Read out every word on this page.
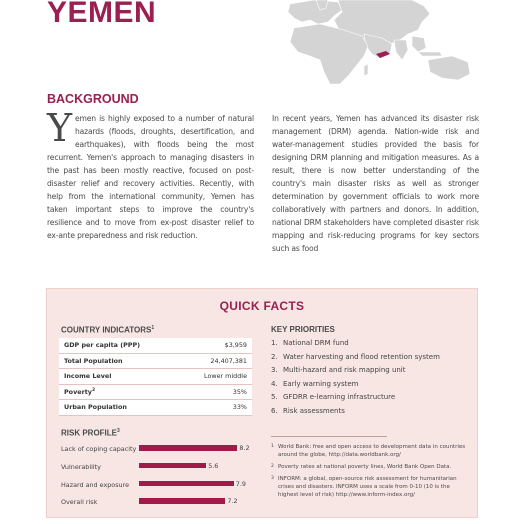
YEMEN
BACKGROUND
Yemen is highly exposed to a number of natural hazards (floods, droughts, desertification, and earthquakes), with floods being the most recurrent. Yemen's approach to managing disasters in the past has been mostly reactive, focused on post-disaster relief and recovery activities. Recently, with help from the international community, Yemen has taken important steps to improve the country's resilience and to move from ex-post disaster relief to ex-ante preparedness and risk reduction.
In recent years, Yemen has advanced its disaster risk management (DRM) agenda. Nation-wide risk and water-management studies provided the basis for designing DRM planning and mitigation measures. As a result, there is now better understanding of the country's main disaster risks as well as stronger determination by government officials to work more collaboratively with partners and donors. In addition, national DRM stakeholders have completed disaster risk mapping and risk-reducing programs for key sectors such as food
QUICK FACTS
COUNTRY INDICATORS$^1$
GDP per capita (PPP)	$3,959
Total Population	24,407,381
Income Level	Lower middle
Poverty$^2$	35%
Urban Population	33%
KEY PRIORITIES
1. National DRM fund
2. Water harvesting and flood retention system
3. Multi-hazard and risk mapping unit
4. Early warning system
5. GFDRR e-learning infrastructure
6. Risk assessments
RISK PROFILE$^3$
Lack of coping capacity	8.2
Vulnerability	5.6
Hazard and exposure	7.9
Overall risk	7.2
1 World Bank: free and open access to development data in countries around the globe, http://data.worldbank.org/
2 Poverty rates at national poverty lines, World Bank Open Data.
3 INFORM: a global, open-source risk assessment for humanitarian crises and disasters. INFORM uses a scale from 0-10 (10 is the highest level of risk) http://www.inform-index.org/
